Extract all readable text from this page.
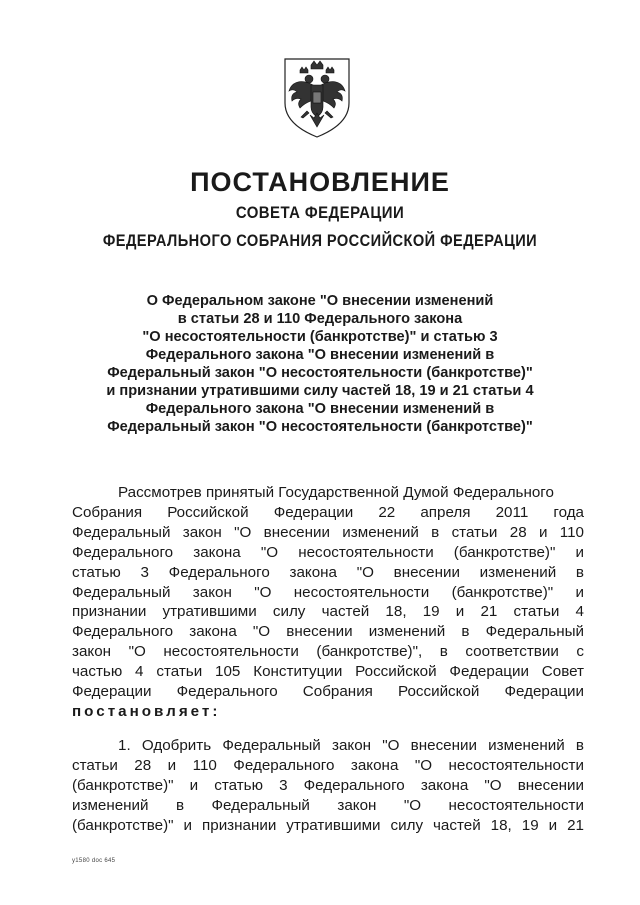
ПОСТАНОВЛЕНИЕ
СОВЕТА ФЕДЕРАЦИИ
ФЕДЕРАЛЬНОГО СОБРАНИЯ РОССИЙСКОЙ ФЕДЕРАЦИИ
О Федеральном законе "О внесении изменений
в статьи 28 и 110 Федерального закона
"О несостоятельности (банкротстве)" и статью 3
Федерального закона "О внесении изменений в
Федеральный закон "О несостоятельности (банкротстве)"
и признании утратившими силу частей 18, 19 и 21 статьи 4
Федерального закона "О внесении изменений в
Федеральный закон "О несостоятельности (банкротстве)"
Рассмотрев принятый Государственной Думой Федерального
Собрания Российской Федерации 22 апреля 2011 года
Федеральный закон "О внесении изменений в статьи 28 и 110
Федерального закона "О несостоятельности (банкротстве)" и
статью 3 Федерального закона "О внесении изменений в
Федеральный закон "О несостоятельности (банкротстве)" и
признании утратившими силу частей 18, 19 и 21 статьи 4
Федерального закона "О внесении изменений в Федеральный
закон "О несостоятельности (банкротстве)", в соответствии с
частью 4 статьи 105 Конституции Российской Федерации Совет
Федерации Федерального Собрания Российской Федерации
постановляет:
1. Одобрить Федеральный закон "О внесении изменений в
статьи 28 и 110 Федерального закона "О несостоятельности
(банкротстве)" и статью 3 Федерального закона "О внесении
изменений в Федеральный закон "О несостоятельности
(банкротстве)" и признании утратившими силу частей 18, 19 и 21
у1580 doc 645
